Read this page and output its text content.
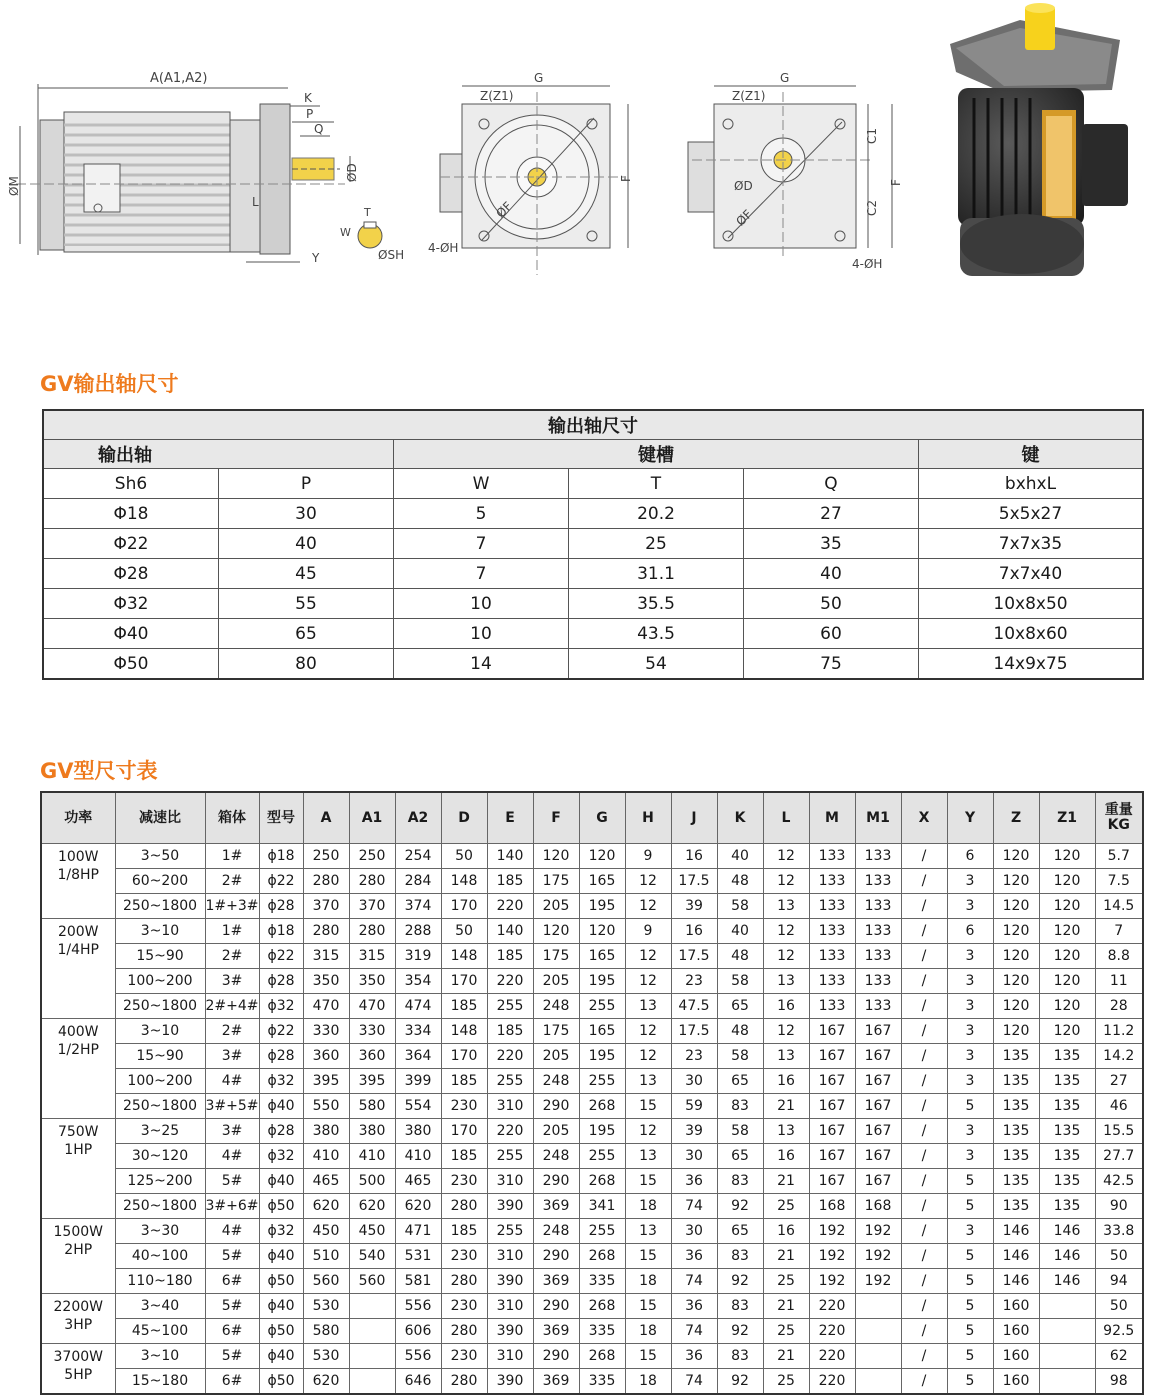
A(A1,A2)
ØM
K
P
Q
ØD
L
Y
T
W
ØSH
G
Z(Z1)
F
ØF
4-ØH
G
Z(Z1)
C1
C2
F
ØD
ØF
4-ØH
GV输出轴尺寸
输出轴尺寸					
输出轴		键槽			键
Sh6	P	W	T	Q	bxhxL
Φ18	30	5	20.2	27	5x5x27
Φ22	40	7	25	35	7x7x35
Φ28	45	7	31.1	40	7x7x40
Φ32	55	10	35.5	50	10x8x50
Φ40	65	10	43.5	60	10x8x60
Φ50	80	14	54	75	14x9x75
GV型尺寸表
功率	减速比	箱体	型号	A	A1	A2	D	E	F	G	H	J	K	L	M	M1	X	Y	Z	Z1	重量
KG
100W
1/8HP	3~50	1#	ɸ18	250	250	254	50	140	120	120	9	16	40	12	133	133	/	6	120	120	5.7
	60~200	2#	ɸ22	280	280	284	148	185	175	165	12	17.5	48	12	133	133	/	3	120	120	7.5
	250~1800	1#+3#	ɸ28	370	370	374	170	220	205	195	12	39	58	13	133	133	/	3	120	120	14.5
200W
1/4HP	3~10	1#	ɸ18	280	280	288	50	140	120	120	9	16	40	12	133	133	/	6	120	120	7
	15~90	2#	ɸ22	315	315	319	148	185	175	165	12	17.5	48	12	133	133	/	3	120	120	8.8
	100~200	3#	ɸ28	350	350	354	170	220	205	195	12	23	58	13	133	133	/	3	120	120	11
	250~1800	2#+4#	ɸ32	470	470	474	185	255	248	255	13	47.5	65	16	133	133	/	3	120	120	28
400W
1/2HP	3~10	2#	ɸ22	330	330	334	148	185	175	165	12	17.5	48	12	167	167	/	3	120	120	11.2
	15~90	3#	ɸ28	360	360	364	170	220	205	195	12	23	58	13	167	167	/	3	135	135	14.2
	100~200	4#	ɸ32	395	395	399	185	255	248	255	13	30	65	16	167	167	/	3	135	135	27
	250~1800	3#+5#	ɸ40	550	580	554	230	310	290	268	15	59	83	21	167	167	/	5	135	135	46
750W
1HP	3~25	3#	ɸ28	380	380	380	170	220	205	195	12	39	58	13	167	167	/	3	135	135	15.5
	30~120	4#	ɸ32	410	410	410	185	255	248	255	13	30	65	16	167	167	/	3	135	135	27.7
	125~200	5#	ɸ40	465	500	465	230	310	290	268	15	36	83	21	167	167	/	5	135	135	42.5
	250~1800	3#+6#	ɸ50	620	620	620	280	390	369	341	18	74	92	25	168	168	/	5	135	135	90
1500W
2HP	3~30	4#	ɸ32	450	450	471	185	255	248	255	13	30	65	16	192	192	/	3	146	146	33.8
	40~100	5#	ɸ40	510	540	531	230	310	290	268	15	36	83	21	192	192	/	5	146	146	50
	110~180	6#	ɸ50	560	560	581	280	390	369	335	18	74	92	25	192	192	/	5	146	146	94
2200W
3HP	3~40	5#	ɸ40	530		556	230	310	290	268	15	36	83	21	220		/	5	160		50
	45~100	6#	ɸ50	580		606	280	390	369	335	18	74	92	25	220		/	5	160		92.5
3700W
5HP	3~10	5#	ɸ40	530		556	230	310	290	268	15	36	83	21	220		/	5	160		62
	15~180	6#	ɸ50	620		646	280	390	369	335	18	74	92	25	220		/	5	160		98
